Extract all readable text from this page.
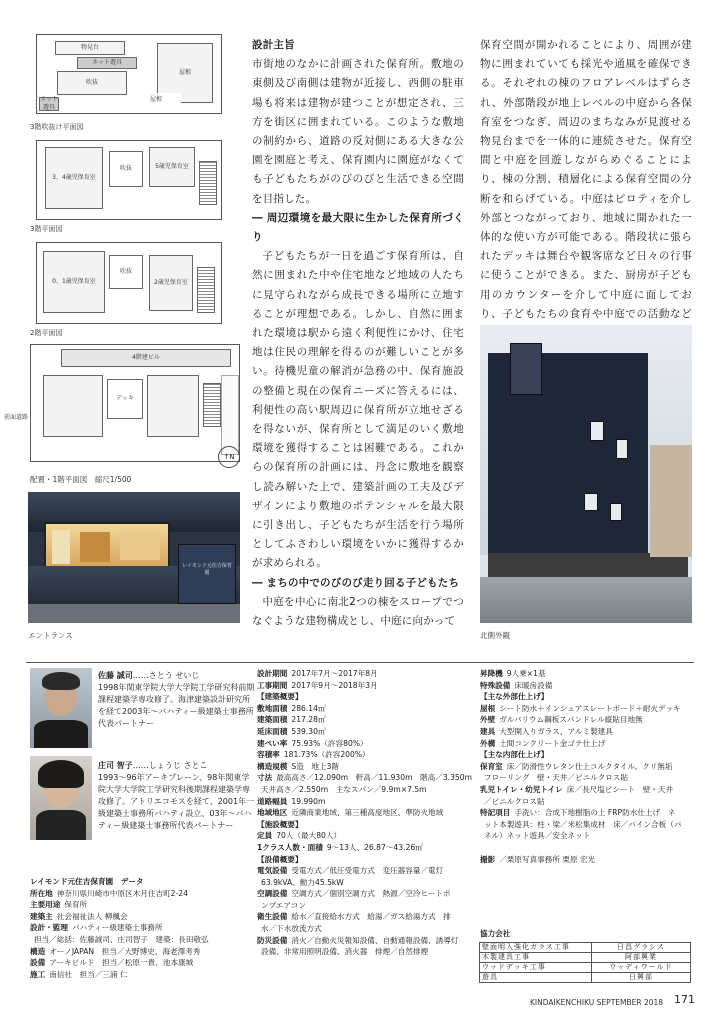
物見台
ネット遊具
吹抜
屋根
屋根
ネット遊具
3階吹抜け平面図
3、4歳児保育室
吹抜	5歳児保育室
3階平面図
0、1歳児保育室
吹抜
2歳児保育室
2階平面図
4階建ビル
デッキ
前面道路
↑N
配置・1階平面図　縮尺1/500
レイモンド元住吉保育園
エントランス

設計主旨

市街地のなかに計画された保育所。敷地の東側及び南側は建物が近接し、西側の駐車場も将来は建物が建つことが想定され、三方を街区に囲まれている。このような敷地の制約から、道路の反対側にある大きな公園を園庭と考え、保育園内に園庭がなくても子どもたちがのびのびと生活できる空間を目指した。

― 周辺環境を最大限に生かした保育所づくり

子どもたちが一日を過ごす保育所は、自然に囲まれた中や住宅地など地域の人たちに見守られながら成長できる場所に立地することが理想である。しかし、自然に囲まれた環境は駅から遠く利便性にかけ、住宅地は住民の理解を得るのが難しいことが多い。待機児童の解消が急務の中、保育施設の整備と現在の保育ニーズに答えるには、利便性の高い駅周辺に保育所が立地せざるを得ないが、保育所として満足のいく敷地環境を獲得することは困難である。これからの保育所の計画には、丹念に敷地を観察し読み解いた上で、建築計画の工夫及びデザインにより敷地のポテンシャルを最大限に引き出し、子どもたちが生活を行う場所としてふさわしい環境をいかに獲得するかが求められる。

― まちの中でのびのび走り回る子どもたち

中庭を中心に南北2つの棟をスロープでつなぐような建物構成とし、中庭に向かって

保育空間が開かれることにより、周囲が建物に囲まれていても採光や通風を確保できる。それぞれの棟のフロアレベルはずらされ、外部階段が地上レベルの中庭から各保育室をつなぎ、周辺のまちなみが見渡せる物見台までを一体的に連続させた。保育空間と中庭を回遊しながらめぐることにより、棟の分割、積層化による保育空間の分断を和らげている。中庭はピロティを介し外部とつながっており、地域に開かれた一体的な使い方が可能である。階段状に張られたデッキは舞台や観客席など日々の行事に使うことができる。また、厨房が子ども用のカウンターを介して中庭に面しており、子どもたちの食育や中庭での活動など

北側外観
佐藤 誠司……さとう せいじ
1998年関東学院大学大学院工学研究科前期課程建築学専攻修了。海津建築設計研究所を経て2003年〜バハティー級建築士事務所代表パートナー
庄司 智子……しょうじ さとこ
1993〜96年アーキプレーン、98年関東学院大学大学院工学研究科後期課程建築学専攻修了。アトリエコモスを経て、2001年一級建築士事務所バハティ設立、03年〜バハティー級建築士事務所代表パートナー
レイモンド元住吉保育園　データ
所在地 神奈川県川崎市中原区木月住吉町2-24
主要用途 保育所
建築主 社会福祉法人 柳楓会
設計・監理 バハティー級建築士事務所
担当／総括：佐藤誠司、庄司智子　建築：長田敬弘
構造 オーノJAPAN　担当／大野博史、海老澤考秀
設備 アーキビルド　担当／松原一貴、池本康城
施工 南信社　担当／三浦 仁
設計期間 2017年7月〜2017年8月
工事期間 2017年9月〜2018年3月
【建築概要】
敷地面積 286.14㎡
建築面積 217.28㎡
延床面積 539.30㎡
建ぺい率 75.93%（許容80%）
容積率 181.73%（許容200%）
構造規模 S造　地上3階
寸法 最高高さ／12.090m　軒高／11.930m　階高／3.350m
天井高さ／2.550m　主なスパン／9.9m×7.5m
道路幅員 19.990m
地域地区 近隣商業地域、第三種高度地区、準防火地域
【施設概要】
定員 70人（最大80人）
1クラス人数・面積 9〜13人、26.87〜43.26㎡
【設備概要】
電気設備 受電方式／低圧受電方式　変圧器容量／電灯
63.9kVA、動力45.5kW
空調設備 空調方式／個別空調方式　熱源／空冷ヒートポ
ンプエアコン
衛生設備 給水／直接給水方式　給湯／ガス給湯方式　排
水／下水放流方式
防災設備 消火／自動火災報知設備、自動通報設備、誘導灯
設備、非常用照明設備、消火器　排煙／自然排煙
昇降機 9人乗×1基
特殊設備 床暖房設備
【主な外部仕上げ】
屋根 シート防水＋インシュアスレートボード＋耐火デッキ
外壁 ガルバリウム鋼板スパンドレル縦貼目地無
建具 大型開入りガラス、アルミ製建具
外構 土間コンクリート金ゴテ仕上げ
【主な内部仕上げ】
保育室 床／防滑性ウレタン仕上コルクタイル、クリ無垢
フローリング　壁・天井／ビニルクロス貼
乳児トイレ・幼児トイレ 床／長尺塩ビシート　壁・天井
／ビニルクロス貼
特記項目 手洗い：合成下地樹脂の上 FRP防水仕上げ　ネ
ット本製遊具：柱・梁／米松集成材　床／パイン合板（パ
ネル）ネット遊具／安全ネット
撮影 ／栗原写真事務所 栗原 宏光
協力会社
壁面明入強化ガラス工事	日昌グラシス
木製建具工事	阿部興業
ウッドデッキ工事	ウッディワールド
遊具	日興部
KINDAIKENCHIKU SEPTEMBER 2018 171
